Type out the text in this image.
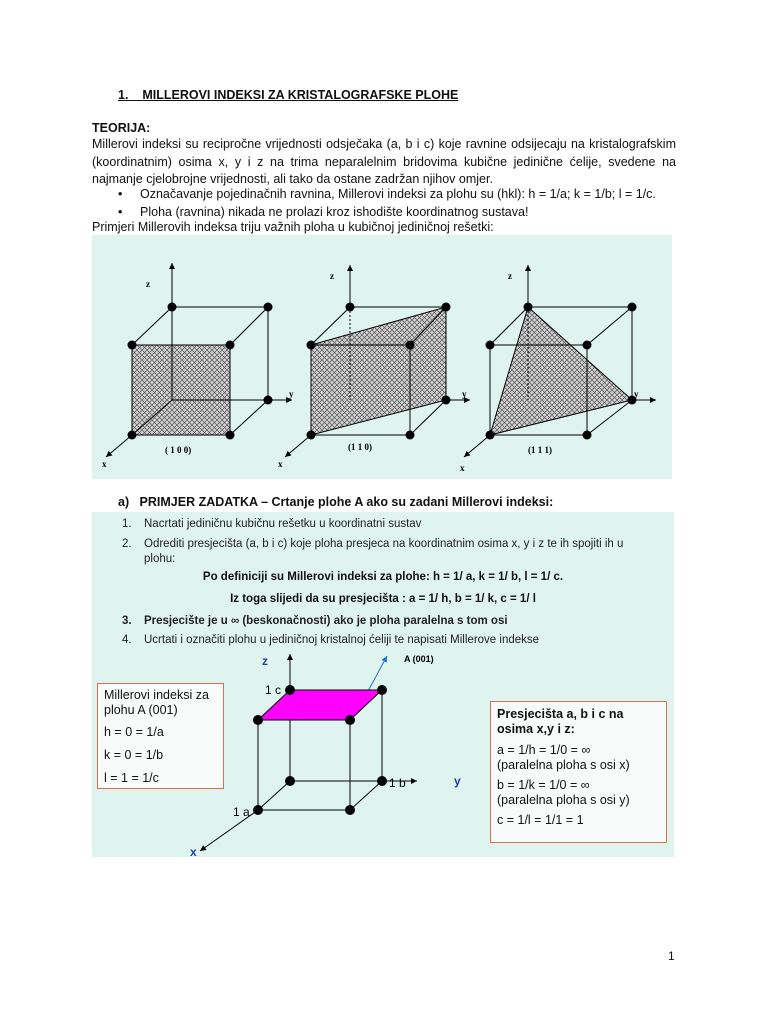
1. MILLEROVI INDEKSI ZA KRISTALOGRAFSKE PLOHE
TEORIJA:
Millerovi indeksi su recipročne vrijednosti odsječaka (a, b i c) koje ravnine odsijecaju na kristalografskim (koordinatnim) osima x, y i z na trima neparalelnim bridovima kubične jedinične ćelije, svedene na najmanje cjelobrojne vrijednosti, ali tako da ostane zadržan njihov omjer.
•	Označavanje pojedinačnih ravnina, Millerovi indeksi za plohu su (hkl): h = 1/a; k = 1/b; l = 1/c.
•	Ploha (ravnina) nikada ne prolazi kroz ishodište koordinatnog sustava!
Primjeri Millerovih indeksa triju važnih ploha u kubičnoj jediničnoj rešetki:
z
y
x
( 1 0 0)
z
y
x
(1 1 0)
z
y
x
(1 1 1)
a) PRIMJER ZADATKA – Crtanje plohe A ako su zadani Millerovi indeksi:
1. Nacrtati jediničnu kubičnu rešetku u koordinatni sustav
2. Odrediti presjecišta (a, b i c) koje ploha presjeca na koordinatnim osima x, y i z te ih spojiti ih u
plohu:
Po definiciji su Millerovi indeksi za plohe: h = 1/ a, k = 1/ b, l = 1/ c.
Iz toga slijedi da su presjecišta : a = 1/ h, b = 1/ k, c = 1/ l
3. Presjecište je u ∞ (beskonačnosti) ako je ploha paralelna s tom osi
4. Ucrtati i označiti plohu u jediničnoj kristalnoj ćeliji te napisati Millerove indekse
Millerovi indeksi za
plohu A (001)
h = 0 = 1/a
k = 0 = 1/b
l = 1 = 1/c
Presjecišta a, b i c na
osima x,y i z:
a = 1/h = 1/0 = ∞
(paralelna ploha s osi x)
b = 1/k = 1/0 = ∞
(paralelna ploha s osi y)
c = 1/l = 1/1 = 1
z
y
x
1 c
1 b
1 a
A (001)
1
